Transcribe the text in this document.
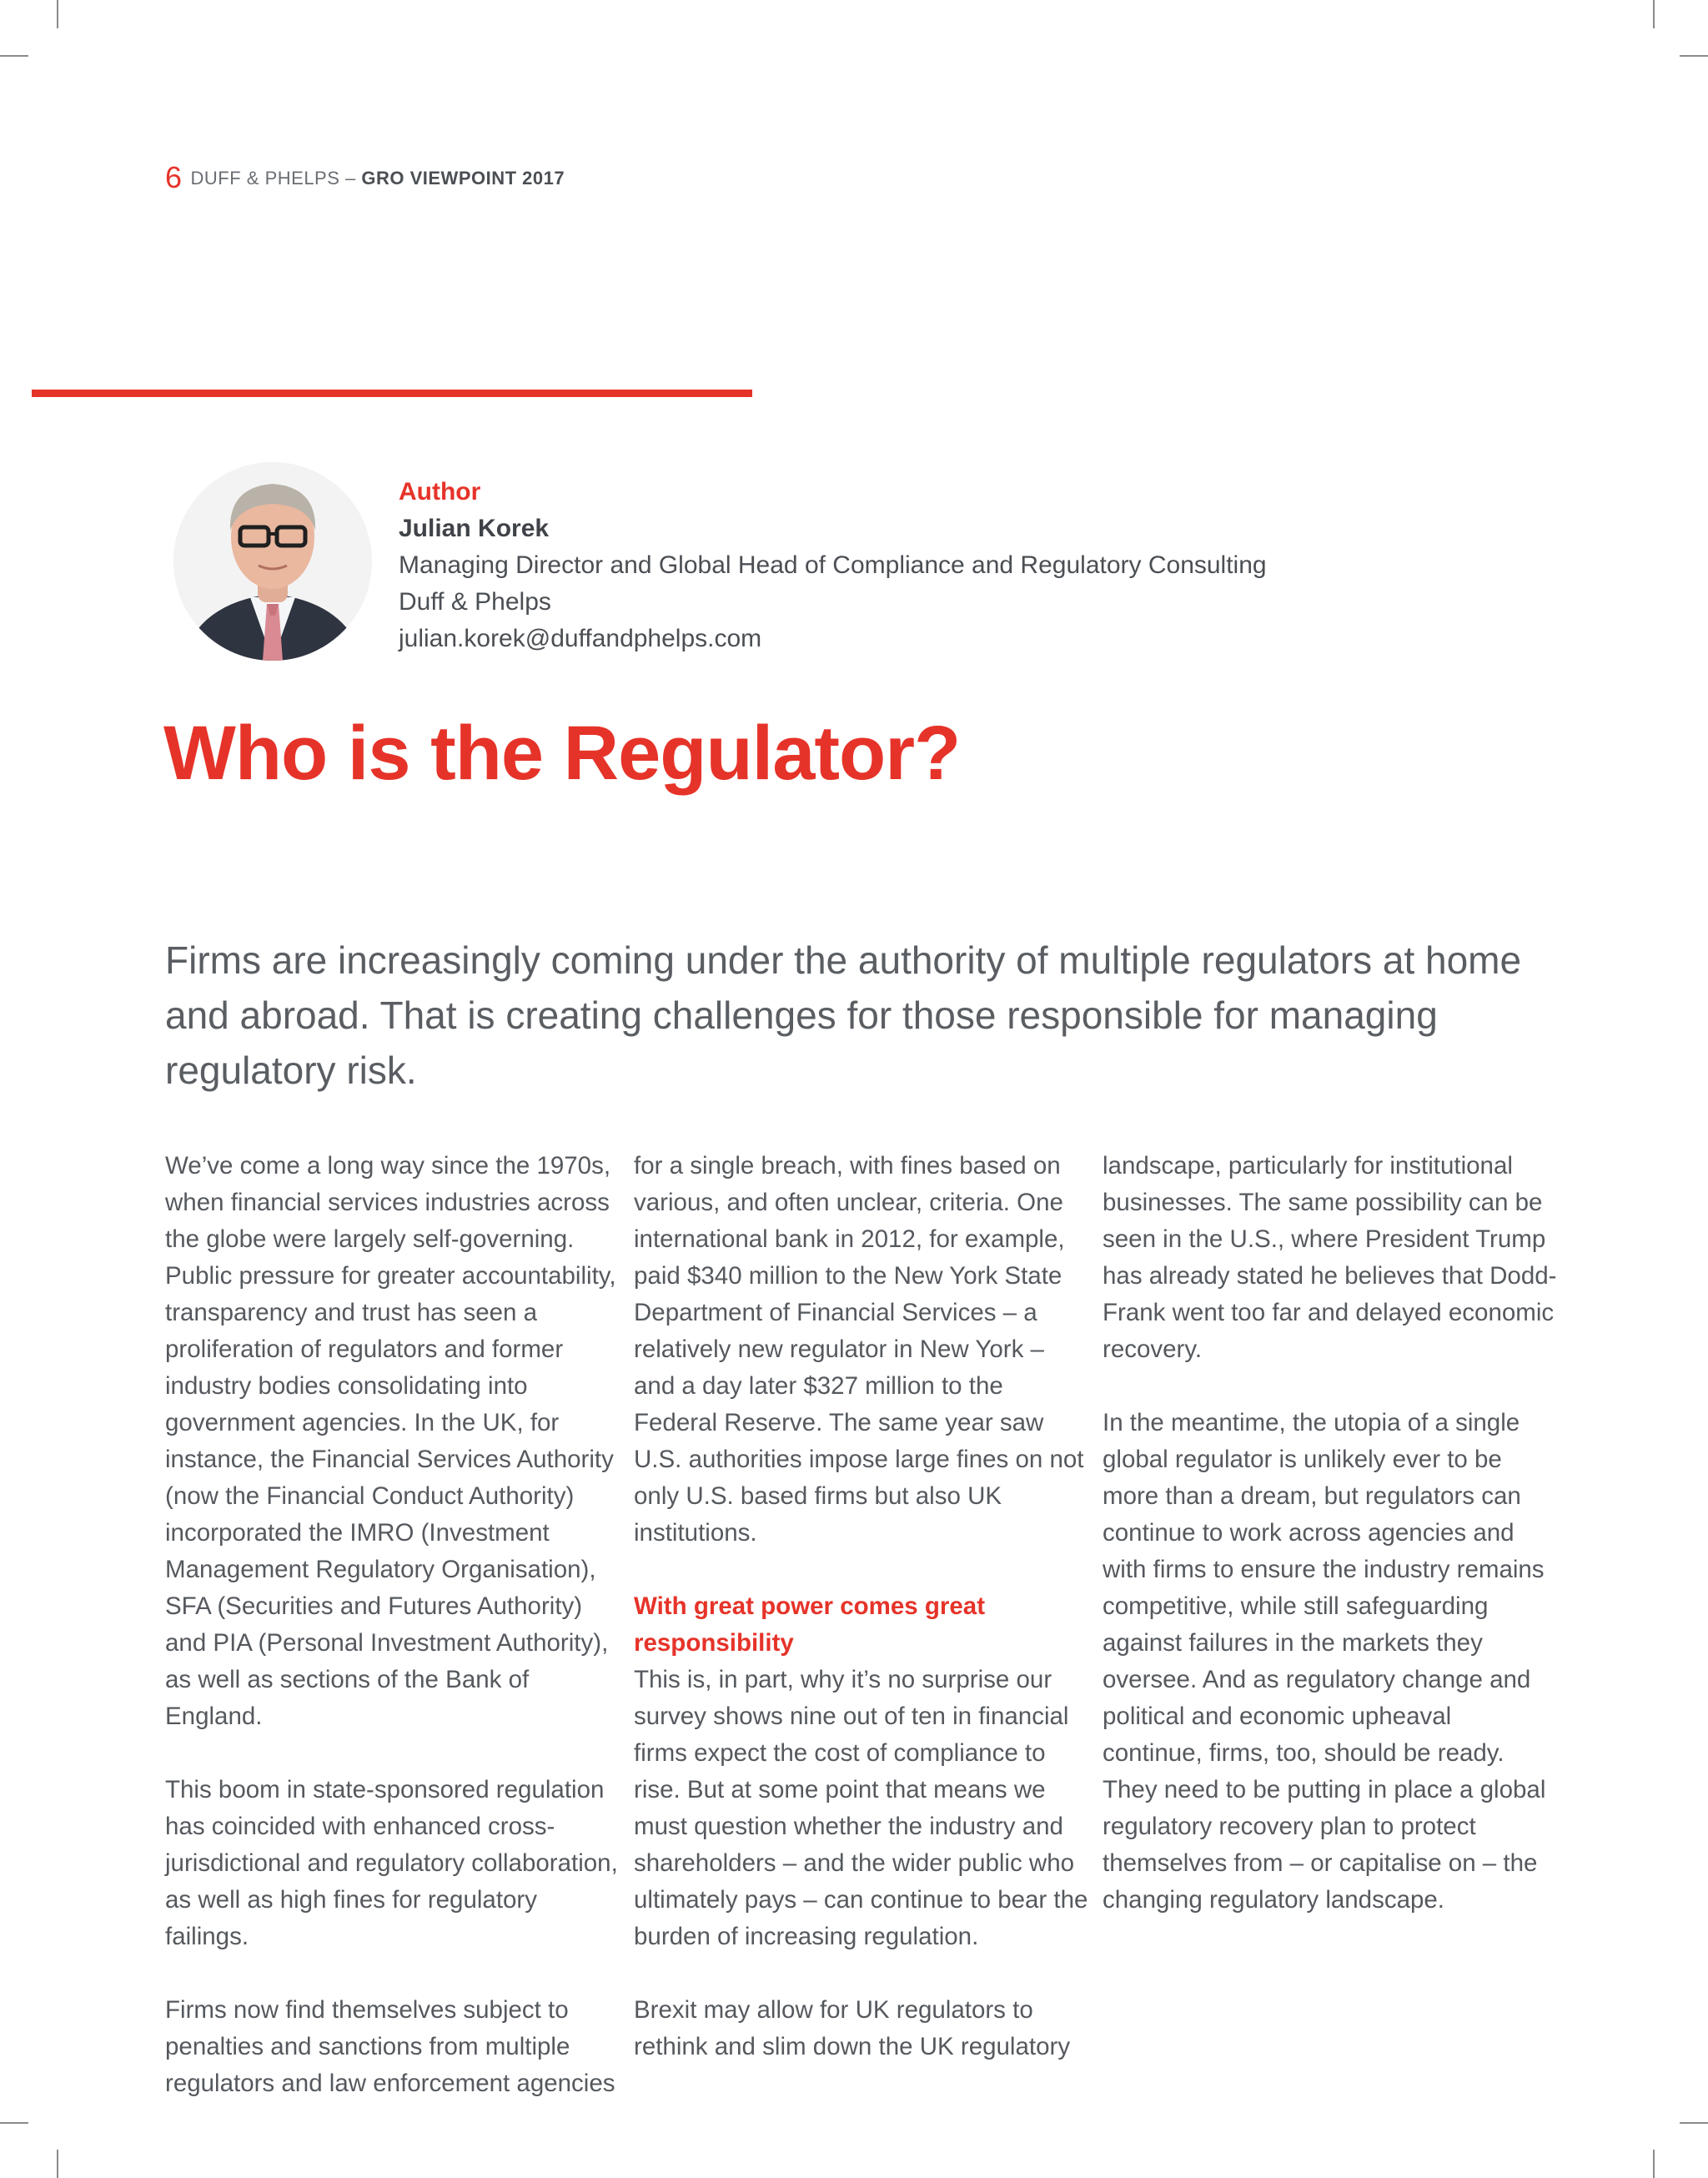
6 DUFF & PHELPS – GRO VIEWPOINT 2017
Author
Julian Korek
Managing Director and Global Head of Compliance and Regulatory Consulting
Duff & Phelps
julian.korek@duffandphelps.com
Who is the Regulator?

Firms are increasingly coming under the authority of multiple regulators at home and abroad. That is creating challenges for those responsible for managing regulatory risk.

We’ve come a long way since the 1970s, when financial services industries across the globe were largely self-governing. Public pressure for greater accountability, transparency and trust has seen a proliferation of regulators and former industry bodies consolidating into government agencies. In the UK, for instance, the Financial Services Authority (now the Financial Conduct Authority) incorporated the IMRO (Investment Management Regulatory Organisation), SFA (Securities and Futures Authority) and PIA (Personal Investment Authority), as well as sections of the Bank of England.

This boom in state-sponsored regulation has coincided with enhanced cross-jurisdictional and regulatory collaboration, as well as high fines for regulatory failings.

Firms now find themselves subject to penalties and sanctions from multiple regulators and law enforcement agencies

for a single breach, with fines based on various, and often unclear, criteria. One international bank in 2012, for example, paid $340 million to the New York State Department of Financial Services – a relatively new regulator in New York – and a day later $327 million to the Federal Reserve. The same year saw U.S. authorities impose large fines on not only U.S. based firms but also UK institutions.

With great power comes great responsibility

This is, in part, why it’s no surprise our survey shows nine out of ten in financial firms expect the cost of compliance to rise. But at some point that means we must question whether the industry and shareholders – and the wider public who ultimately pays – can continue to bear the burden of increasing regulation.

Brexit may allow for UK regulators to rethink and slim down the UK regulatory

landscape, particularly for institutional businesses. The same possibility can be seen in the U.S., where President Trump has already stated he believes that Dodd-Frank went too far and delayed economic recovery.

In the meantime, the utopia of a single global regulator is unlikely ever to be more than a dream, but regulators can continue to work across agencies and with firms to ensure the industry remains competitive, while still safeguarding against failures in the markets they oversee. And as regulatory change and political and economic upheaval continue, firms, too, should be ready. They need to be putting in place a global regulatory recovery plan to protect themselves from – or capitalise on – the changing regulatory landscape.
